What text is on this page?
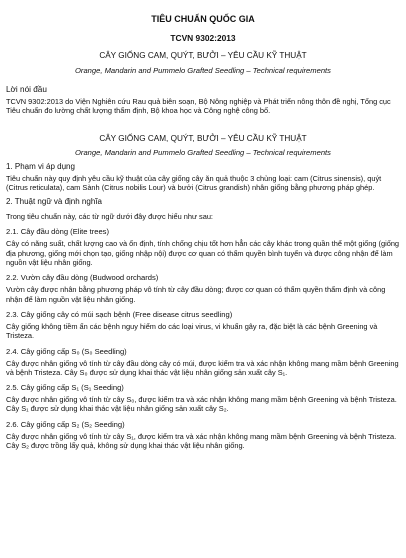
TIÊU CHUẨN QUỐC GIA
TCVN 9302:2013
CÂY GIỐNG CAM, QUÝT, BƯỞI – YÊU CẦU KỸ THUẬT
Orange, Mandarin and Pummelo Grafted Seedling – Technical requirements
Lời nói đầu
TCVN 9302:2013 do Viện Nghiên cứu Rau quả biên soạn, Bộ Nông nghiệp và Phát triển nông thôn đề nghị, Tổng cục Tiêu chuẩn đo lường chất lượng thẩm định, Bộ khoa học và Công nghệ công bố.
CÂY GIỐNG CAM, QUÝT, BƯỞI – YÊU CẦU KỸ THUẬT
Orange, Mandarin and Pummelo Grafted Seedling – Technical requirements
1. Phạm vi áp dụng
Tiêu chuẩn này quy định yêu cầu kỹ thuật của cây giống cây ăn quả thuộc 3 chủng loại: cam (Citrus sinensis), quýt (Citrus reticulata), cam Sành (Citrus nobilis Lour) và bưởi (Citrus grandish) nhân giống bằng phương pháp ghép.
2. Thuật ngữ và định nghĩa
Trong tiêu chuẩn này, các từ ngữ dưới đây được hiểu như sau:
2.1. Cây đầu dòng (Elite trees)
Cây có năng suất, chất lượng cao và ổn định, tính chống chịu tốt hơn hẳn các cây khác trong quần thể một giống (giống địa phương, giống mới chọn tạo, giống nhập nội) được cơ quan có thẩm quyền bình tuyển và được công nhận để làm nguồn vật liệu nhân giống.
2.2. Vườn cây đầu dòng (Budwood orchards)
Vườn cây được nhân bằng phương pháp vô tính từ cây đầu dòng; được cơ quan có thẩm quyền thẩm định và công nhận để làm nguồn vật liệu nhân giống.
2.3. Cây giống cây có múi sạch bệnh (Free disease citrus seedling)
Cây giống không tiềm ẩn các bệnh nguy hiểm do các loại virus, vi khuẩn gây ra, đặc biệt là các bệnh Greening và Tristeza.
2.4. Cây giống cấp S₀ (S₀ Seedling)
Cây được nhân giống vô tính từ cây đầu dòng cây có múi, được kiểm tra và xác nhận không mang mầm bệnh Greening và bệnh Tristeza. Cây S₀ được sử dụng khai thác vật liệu nhân giống sản xuất cây S₁.
2.5. Cây giống cấp S₁ (S₁ Seeding)
Cây được nhân giống vô tính từ cây S₀, được kiểm tra và xác nhận không mang mầm bệnh Greening và bệnh Tristeza. Cây S₁ được sử dụng khai thác vật liệu nhân giống sản xuất cây S₂.
2.6. Cây giống cấp S₂ (S₂ Seeding)
Cây được nhân giống vô tính từ cây S₁, được kiểm tra và xác nhận không mang mầm bệnh Greening và bệnh Tristeza. Cây S₂ được trồng lấy quả, không sử dụng khai thác vật liệu nhân giống.
